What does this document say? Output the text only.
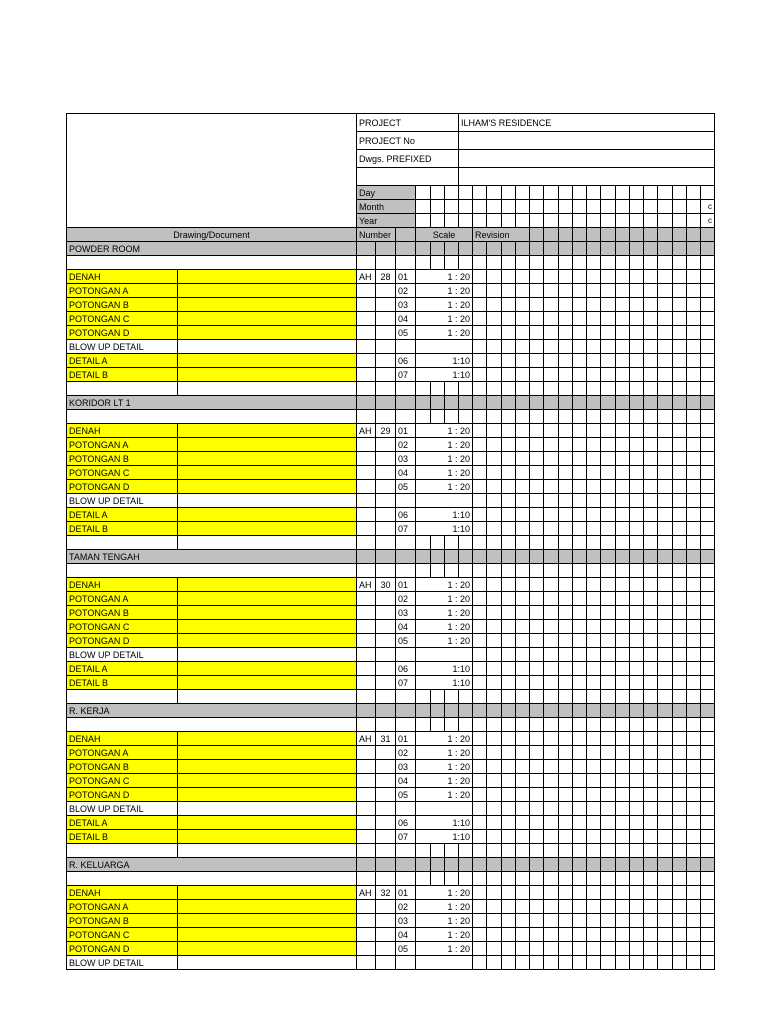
		PROJECT						ILHAM'S RESIDENCE																	
		PROJECT No																							
		Dwgs. PREFIXED																							

		Day																							
		Month																							c
		Year																							c
Drawing/Document		Number			Scale				Revision																
POWDER ROOM																									

DENAH		AH	28	01	1 : 20																				
POTONGAN A				02	1 : 20																				
POTONGAN B				03	1 : 20																				
POTONGAN C				04	1 : 20																				
POTONGAN D				05	1 : 20																				
BLOW UP DETAIL																									
DETAIL A				06	1:10																				
DETAIL B				07	1:10																				

KORIDOR LT 1																									

DENAH		AH	29	01	1 : 20																				
POTONGAN A				02	1 : 20																				
POTONGAN B				03	1 : 20																				
POTONGAN C				04	1 : 20																				
POTONGAN D				05	1 : 20																				
BLOW UP DETAIL																									
DETAIL A				06	1:10																				
DETAIL B				07	1:10																				

TAMAN TENGAH																									

DENAH		AH	30	01	1 : 20																				
POTONGAN A				02	1 : 20																				
POTONGAN B				03	1 : 20																				
POTONGAN C				04	1 : 20																				
POTONGAN D				05	1 : 20																				
BLOW UP DETAIL																									
DETAIL A				06	1:10																				
DETAIL B				07	1:10																				

R. KERJA																									

DENAH		AH	31	01	1 : 20																				
POTONGAN A				02	1 : 20																				
POTONGAN B				03	1 : 20																				
POTONGAN C				04	1 : 20																				
POTONGAN D				05	1 : 20																				
BLOW UP DETAIL																									
DETAIL A				06	1:10																				
DETAIL B				07	1:10																				

R. KELUARGA																									

DENAH		AH	32	01	1 : 20																				
POTONGAN A				02	1 : 20																				
POTONGAN B				03	1 : 20																				
POTONGAN C				04	1 : 20																				
POTONGAN D				05	1 : 20																				
BLOW UP DETAIL																									
